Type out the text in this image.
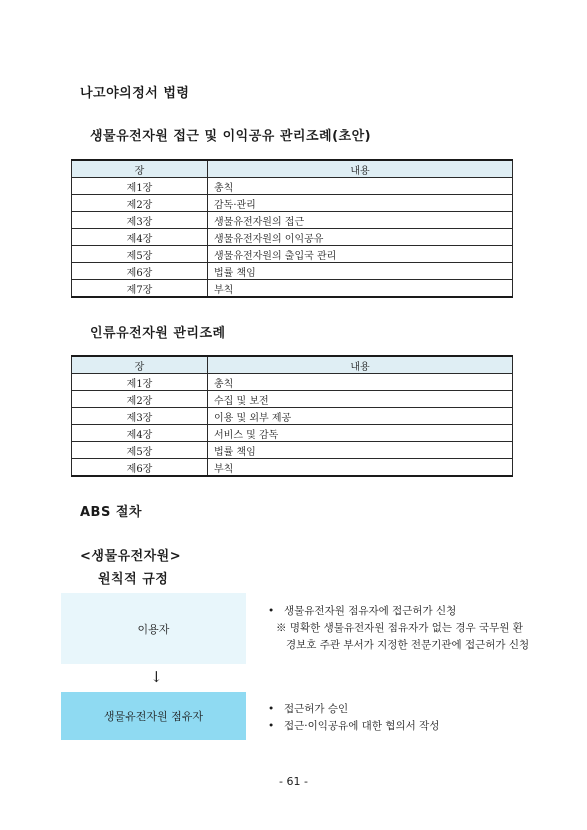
나고야의정서 법령
생물유전자원 접근 및 이익공유 관리조례(초안)
장	내용
제1장	총칙
제2장	감독·관리
제3장	생물유전자원의 접근
제4장	생물유전자원의 이익공유
제5장	생물유전자원의 출입국 관리
제6장	법률 책임
제7장	부칙
인류유전자원 관리조례
장	내용
제1장	총칙
제2장	수집 및 보전
제3장	이용 및 외부 제공
제4장	서비스 및 감독
제5장	법률 책임
제6장	부칙
ABS 절차
<생물유전자원>
원칙적 규정
이용자
↓
생물유전자원 점유자
• 생물유전자원 점유자에 접근허가 신청
※ 명확한 생물유전자원 점유자가 없는 경우 국무원 환
경보호 주관 부서가 지정한 전문기관에 접근허가 신청
• 접근허가 승인
• 접근·이익공유에 대한 협의서 작성
- 61 -
